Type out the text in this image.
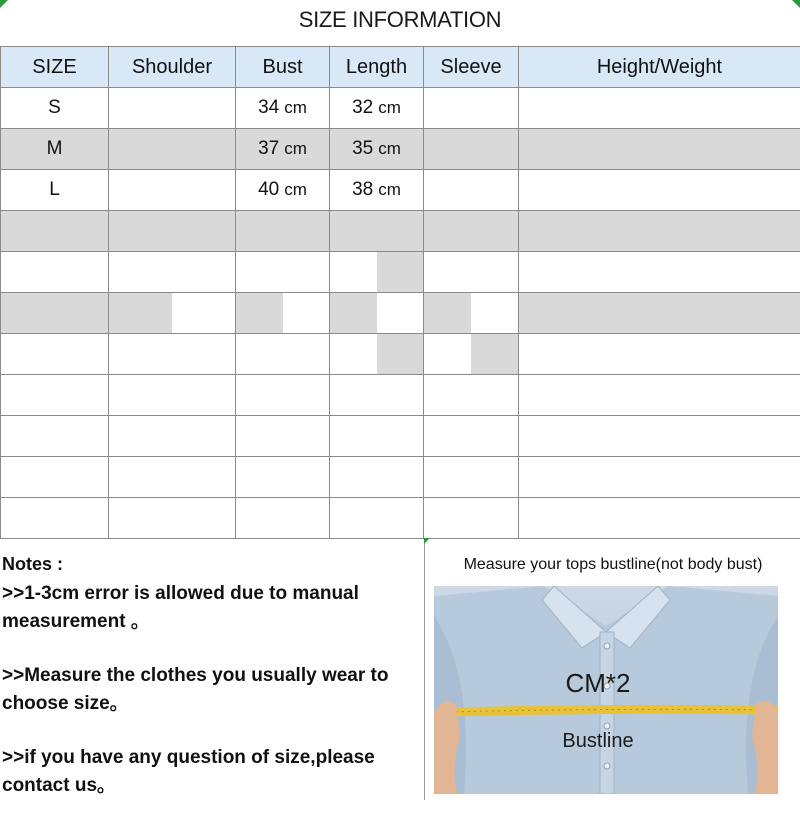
SIZE INFORMATION
SIZE	Shoulder	Bust	Length	Sleeve	Height/Weight
S		34 cm	32 cm		
M		37 cm	35 cm		
L		40 cm	38 cm		

Notes :

>>1-3cm error is allowed due to manual measurement 。

>>Measure the clothes you usually wear to choose size。

>>if you have any question of size,please contact us。

Measure your tops bustline(not body bust)
CM*2
Bustline
